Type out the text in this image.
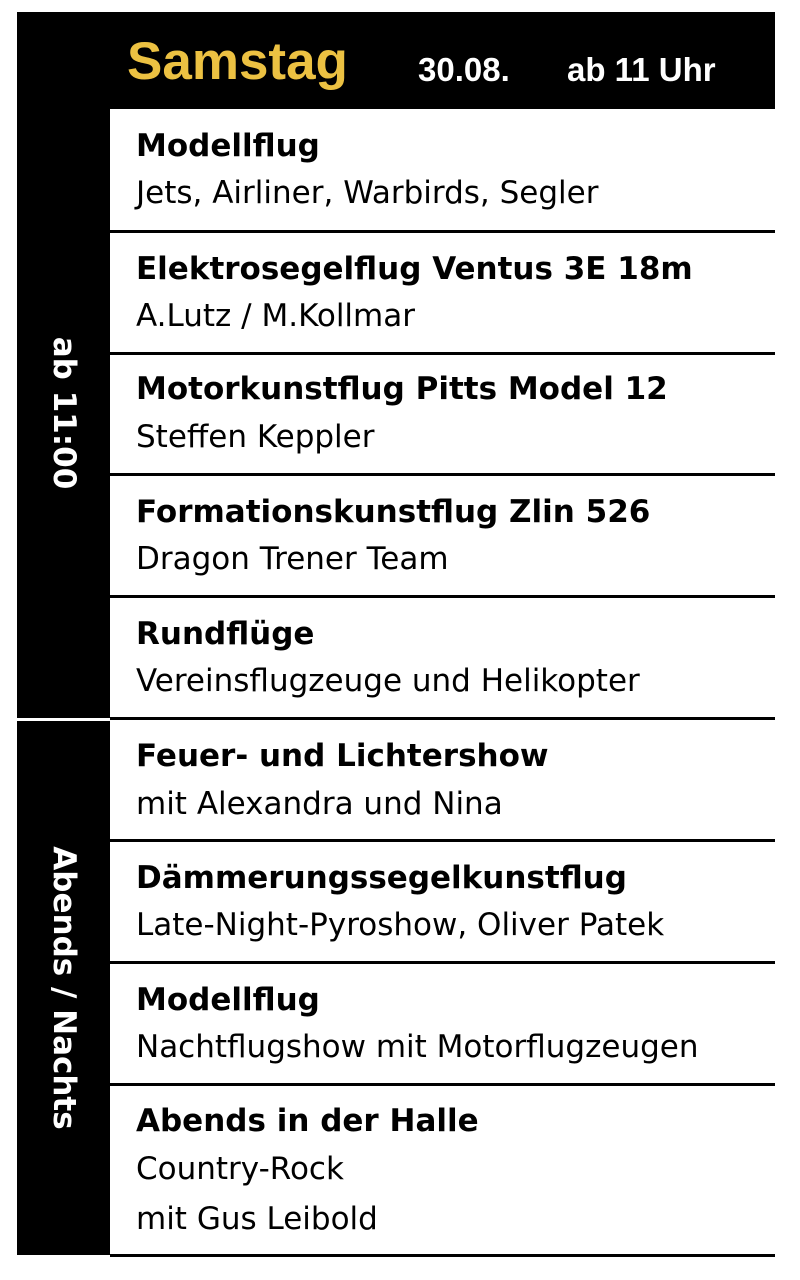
Samstag 30.08. ab 11 Uhr
ab 11:00
Abends / Nachts
Modellflug
Jets, Airliner, Warbirds, Segler
Elektrosegelflug Ventus 3E 18m
A.Lutz / M.Kollmar
Motorkunstflug Pitts Model 12
Steffen Keppler
Formationskunstflug Zlin 526
Dragon Trener Team
Rundflüge
Vereinsflugzeuge und Helikopter
Feuer- und Lichtershow
mit Alexandra und Nina
Dämmerungssegelkunstflug
Late-Night-Pyroshow, Oliver Patek
Modellflug
Nachtflugshow mit Motorflugzeugen
Abends in der Halle
Country-Rock
mit Gus Leibold
